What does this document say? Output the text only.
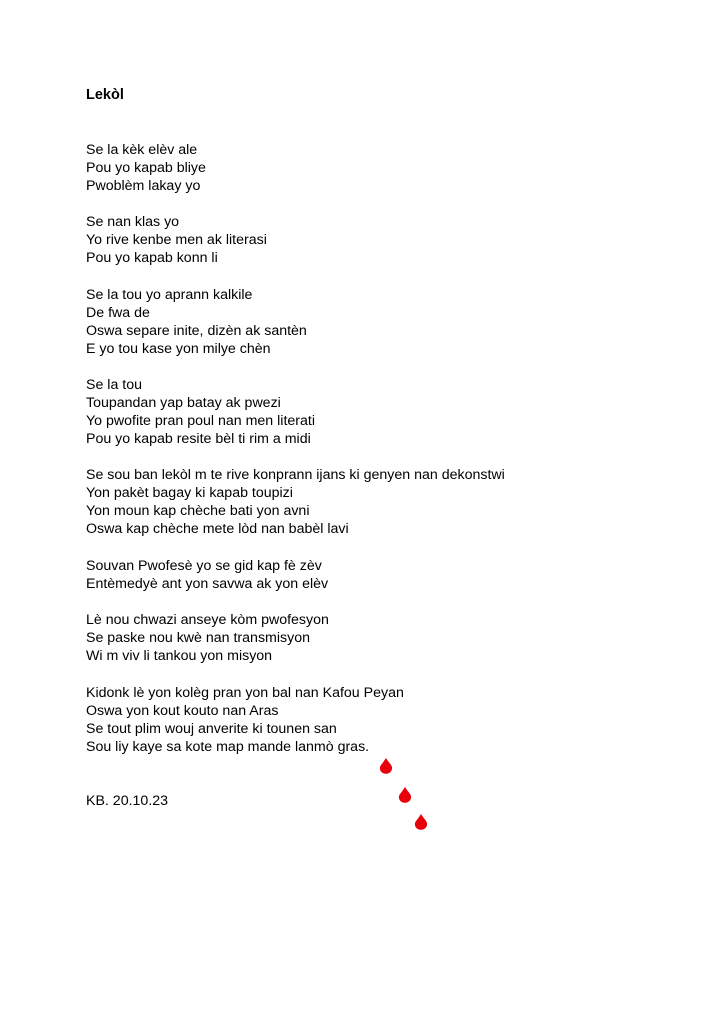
Lekòl

Se la kèk elèv ale
Pou yo kapab bliye
Pwoblèm lakay yo

Se nan klas yo
Yo rive kenbe men ak literasi
Pou yo kapab konn li

Se la tou yo aprann kalkile
De fwa de
Oswa separe inite, dizèn ak santèn
E yo tou kase yon milye chèn

Se la tou
Toupandan yap batay ak pwezi
Yo pwofite pran poul nan men literati
Pou yo kapab resite bèl ti rim a midi

Se sou ban lekòl m te rive konprann ijans ki genyen nan dekonstwi
Yon pakèt bagay ki kapab toupizi
Yon moun kap chèche bati yon avni
Oswa kap chèche mete lòd nan babèl lavi

Souvan Pwofesè yo se gid kap fè zèv
Entèmedyè ant yon savwa ak yon elèv

Lè nou chwazi anseye kòm pwofesyon
Se paske nou kwè nan transmisyon
Wi m viv li tankou yon misyon

Kidonk lè yon kolèg pran yon bal nan Kafou Peyan
Oswa yon kout kouto nan Aras
Se tout plim wouj anverite ki tounen san
Sou liy kaye sa kote map mande lanmò gras.

KB. 20.10.23
